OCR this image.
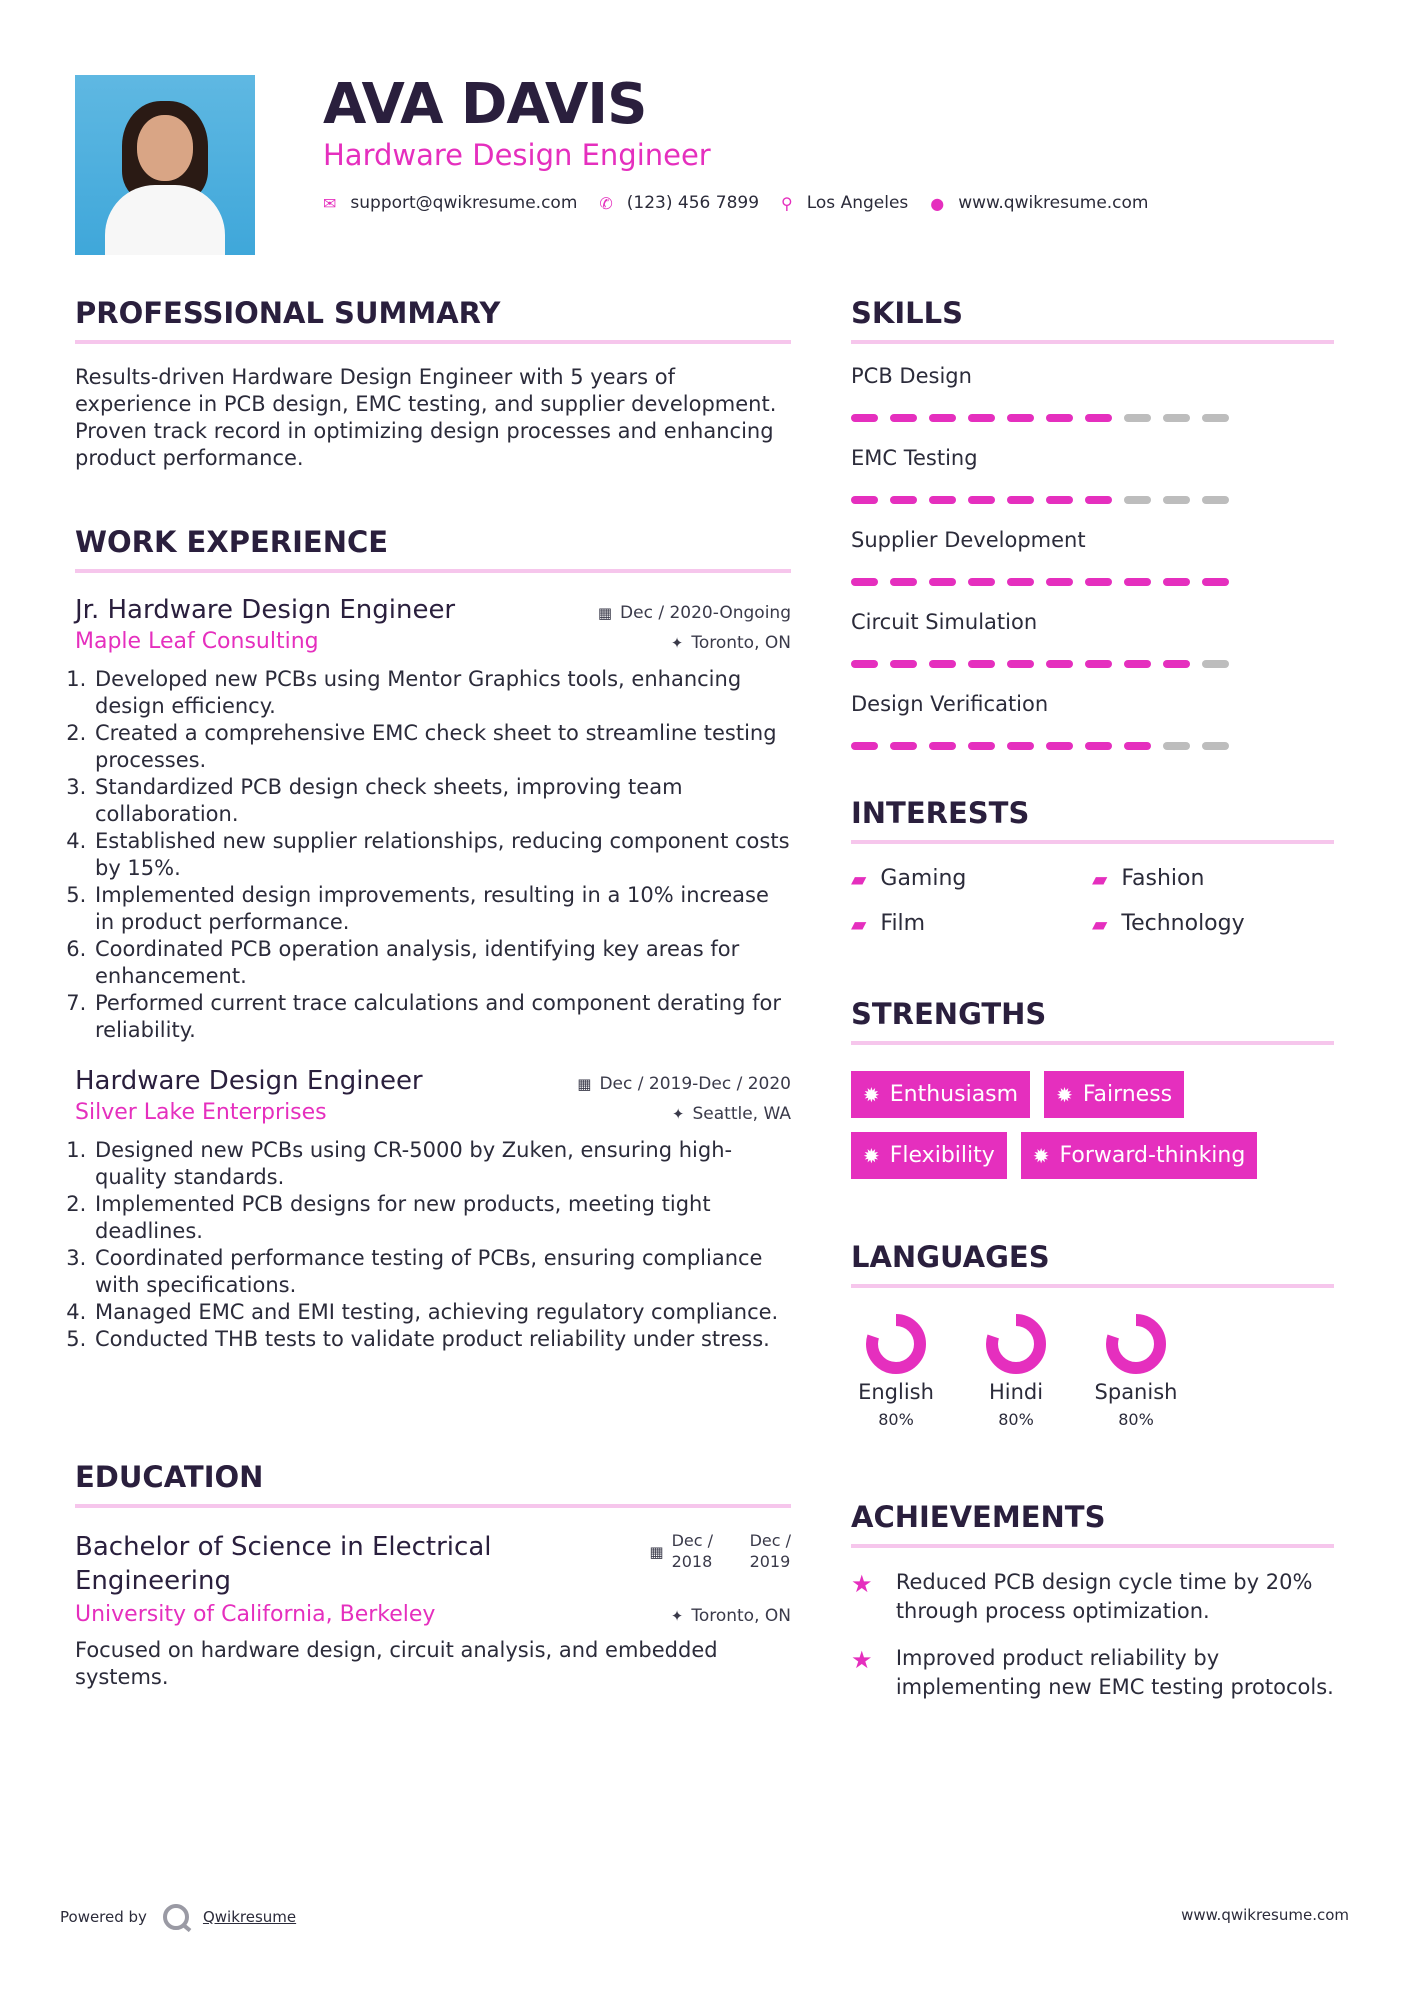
AVA DAVIS
Hardware Design Engineer
✉ support@qwikresume.com ✆ (123) 456 7899 ⚲ Los Angeles ● www.qwikresume.com
PROFESSIONAL SUMMARY
Results-driven Hardware Design Engineer with 5 years of experience in PCB design, EMC testing, and supplier development. Proven track record in optimizing design processes and enhancing product performance.
WORK EXPERIENCE
Jr. Hardware Design Engineer	▦ Dec / 2020-Ongoing
Maple Leaf Consulting	✦ Toronto, ON
1. Developed new PCBs using Mentor Graphics tools, enhancing design efficiency.
2. Created a comprehensive EMC check sheet to streamline testing processes.
3. Standardized PCB design check sheets, improving team collaboration.
4. Established new supplier relationships, reducing component costs by 15%.
5. Implemented design improvements, resulting in a 10% increase in product performance.
6. Coordinated PCB operation analysis, identifying key areas for enhancement.
7. Performed current trace calculations and component derating for reliability.
Hardware Design Engineer	▦ Dec / 2019-Dec / 2020
Silver Lake Enterprises	✦ Seattle, WA
1. Designed new PCBs using CR-5000 by Zuken, ensuring high-quality standards.
2. Implemented PCB designs for new products, meeting tight deadlines.
3. Coordinated performance testing of PCBs, ensuring compliance with specifications.
4. Managed EMC and EMI testing, achieving regulatory compliance.
5. Conducted THB tests to validate product reliability under stress.
EDUCATION
Bachelor of Science in Electrical Engineering
▦
Dec /
2018
Dec /
2019
University of California, Berkeley	✦ Toronto, ON
Focused on hardware design, circuit analysis, and embedded systems.
SKILLS
PCB Design
EMC Testing
Supplier Development
Circuit Simulation
Design Verification
INTERESTS
▰ Gaming	▰ Fashion
▰ Film	▰ Technology
STRENGTHS
✹ Enthusiasm ✹ Fairness
✹ Flexibility ✹ Forward-thinking
LANGUAGES
English
80%
Hindi
80%
Spanish
80%
ACHIEVEMENTS
★	Reduced PCB design cycle time by 20% through process optimization.
★	Improved product reliability by implementing new EMC testing protocols.
Powered by	Qwikresume	www.qwikresume.com
